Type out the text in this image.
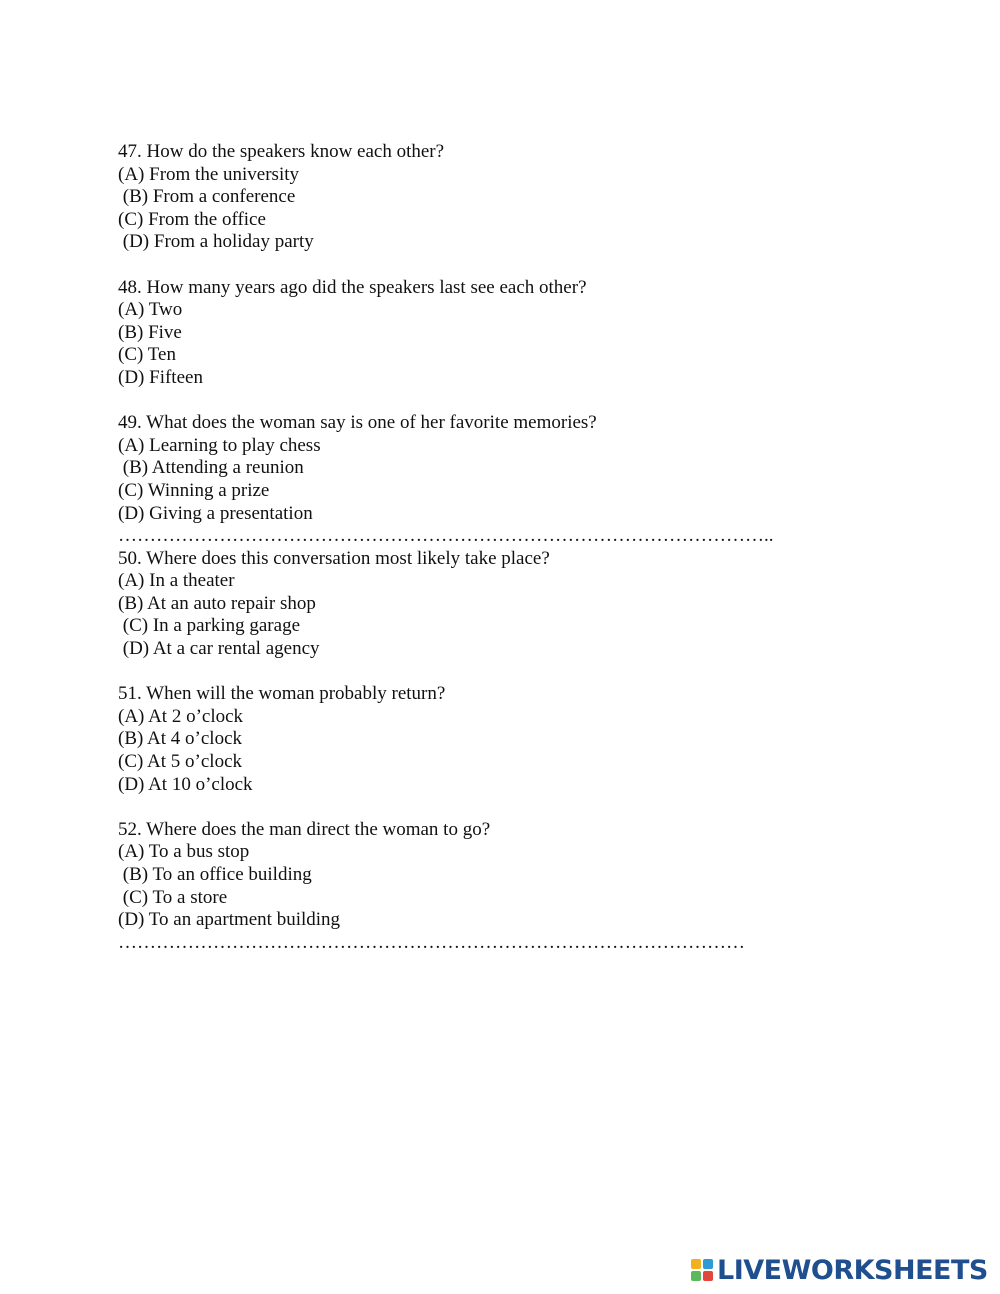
47. How do the speakers know each other?
(A) From the university
(B) From a conference
(C) From the office
(D) From a holiday party
48. How many years ago did the speakers last see each other?
(A) Two
(B) Five
(C) Ten
(D) Fifteen
49. What does the woman say is one of her favorite memories?
(A) Learning to play chess
(B) Attending a reunion
(C) Winning a prize
(D) Giving a presentation
…………………………………………………………………………………………..
50. Where does this conversation most likely take place?
(A) In a theater
(B) At an auto repair shop
(C) In a parking garage
(D) At a car rental agency
51. When will the woman probably return?
(A) At 2 o’clock
(B) At 4 o’clock
(C) At 5 o’clock
(D) At 10 o’clock
52. Where does the man direct the woman to go?
(A) To a bus stop
(B) To an office building
(C) To a store
(D) To an apartment building
………………………………………………………………………………………
LIVEWORKSHEETS
